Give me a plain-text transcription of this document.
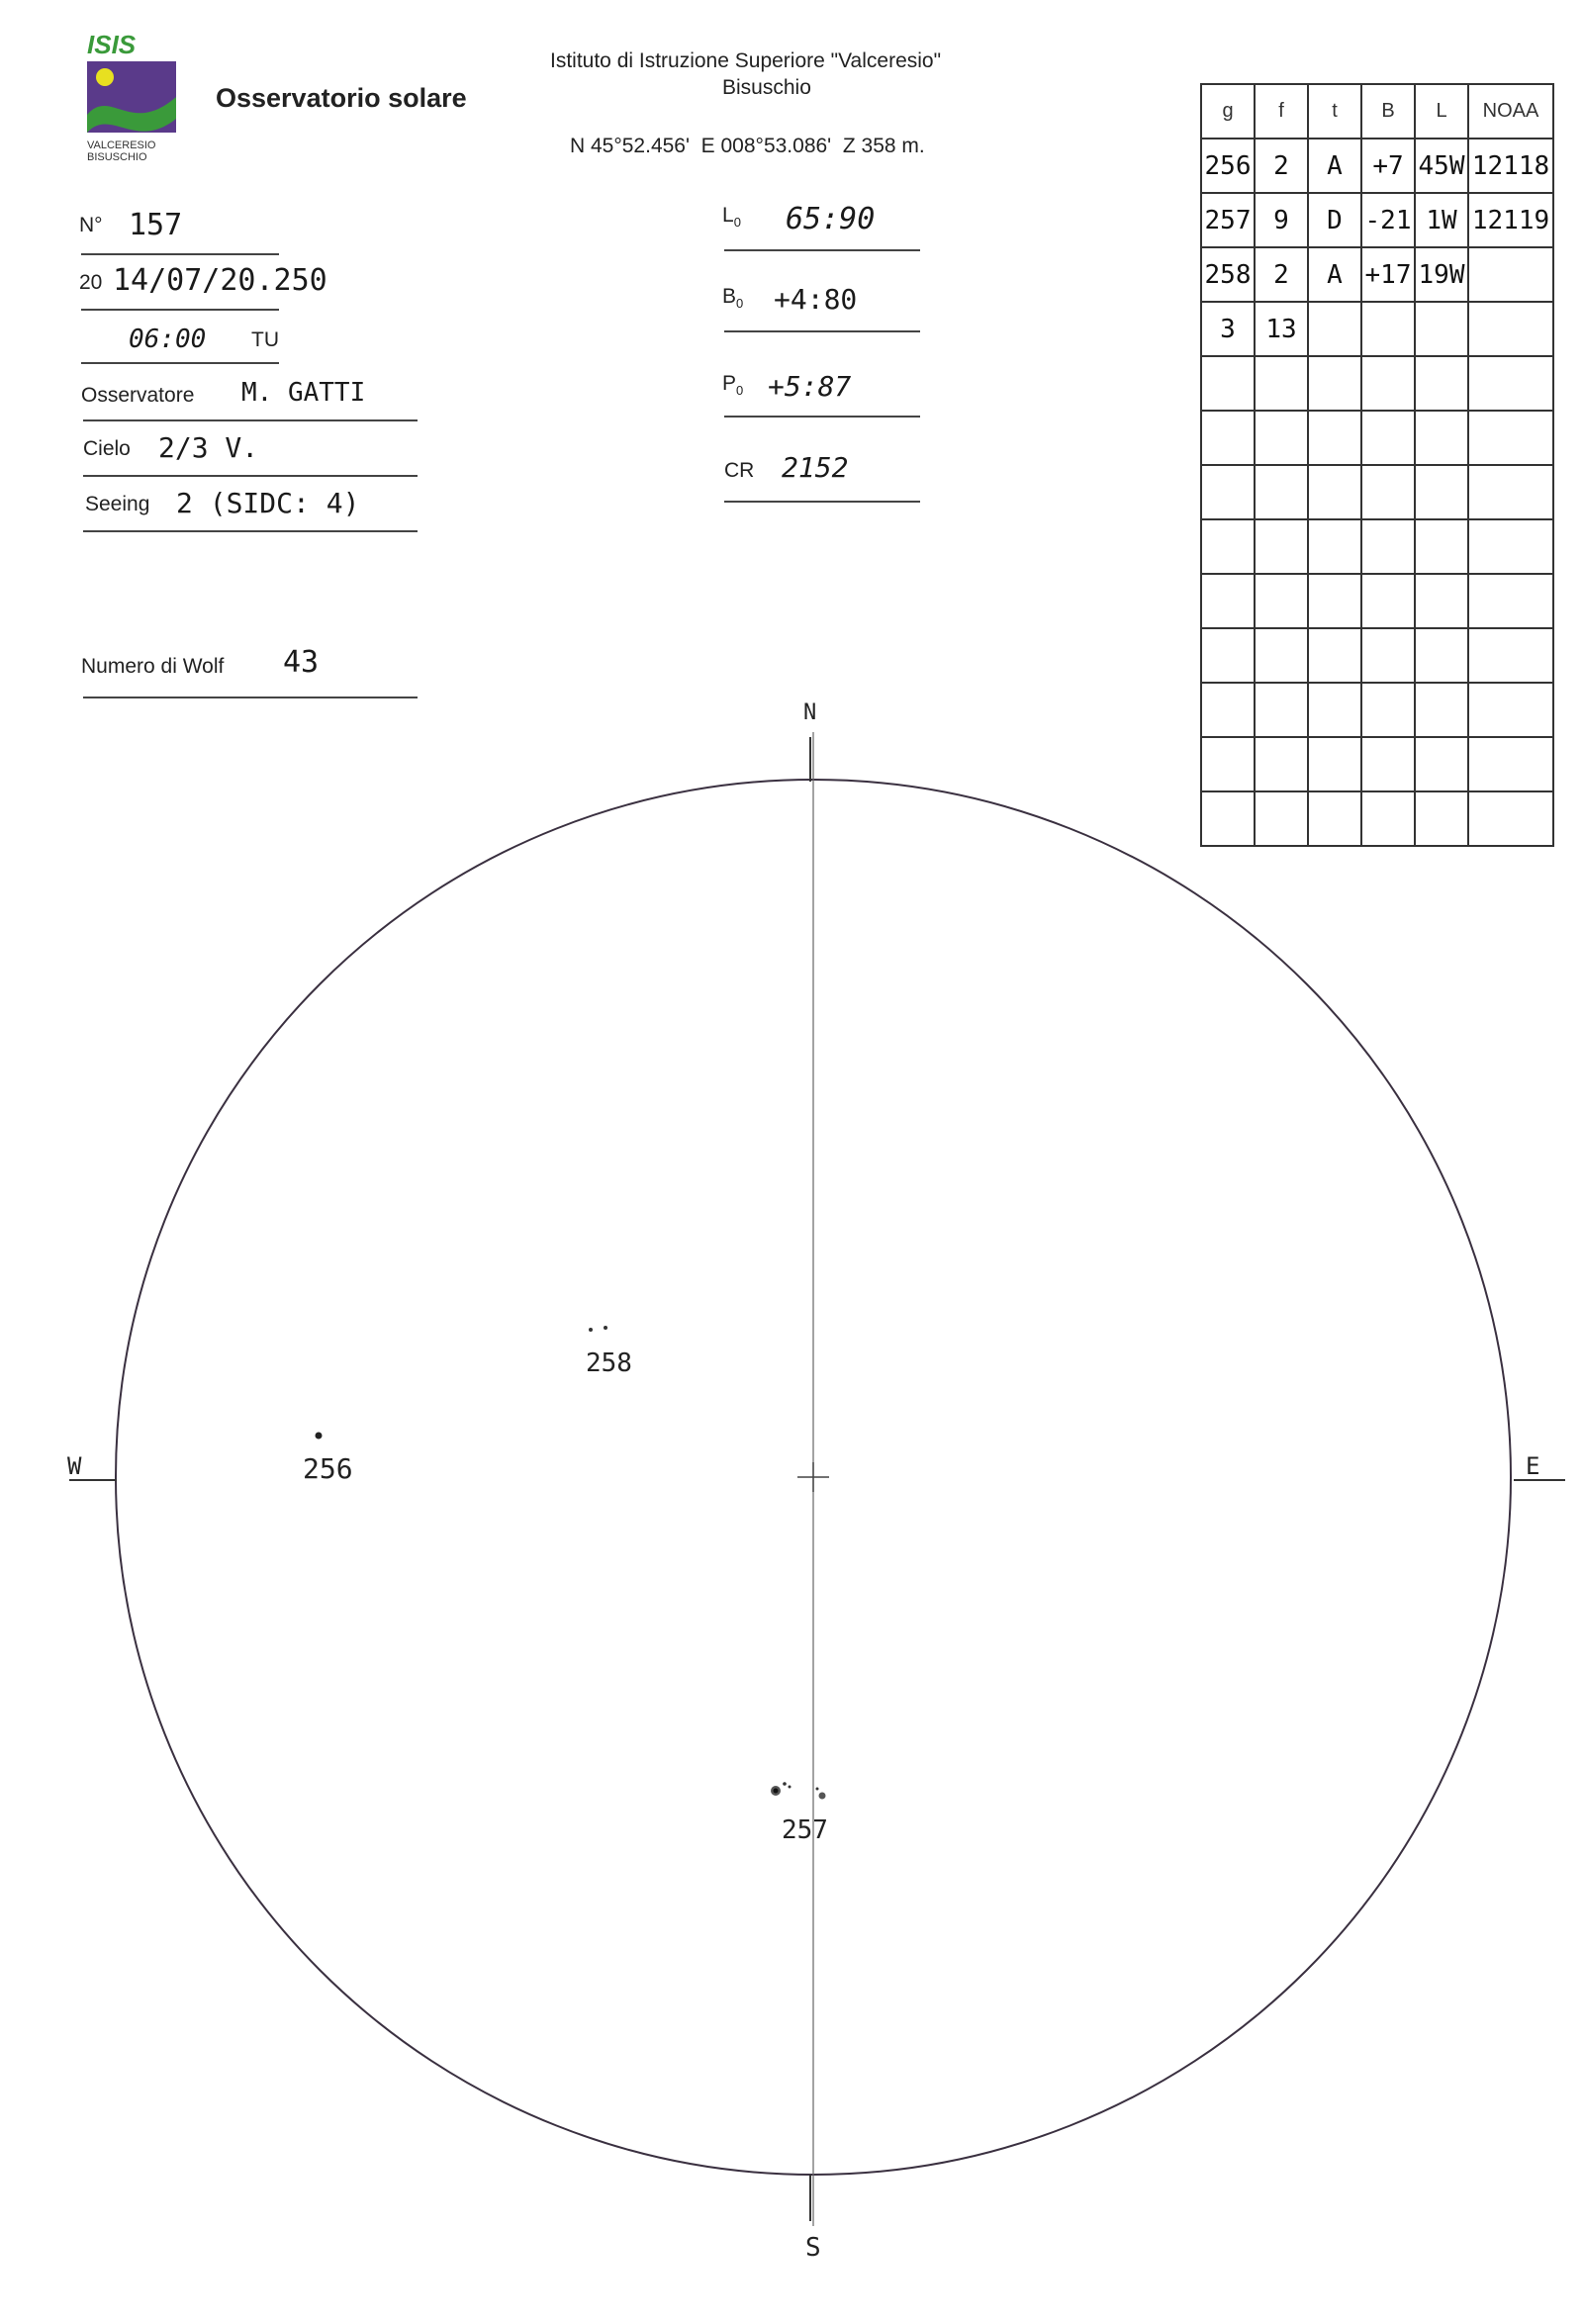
ISIS
VALCERESIO
BISUSCHIO
Osservatorio solare
Istituto di Istruzione Superiore "Valceresio"
Bisuschio
N 45°52.456'  E 008°53.086'  Z 358 m.
N° 157
20 14/07/20.250
06:00 TU
Osservatore M. GATTI
Cielo 2/3 V.
Seeing 2 (SIDC: 4)
Numero di Wolf 43
$L_0$ 65:90
$B_0$ +4:80
$P_0$ +5:87
CR 2152
g	f	t	B	L	NOAA
256	2	A	+7	45W	12118
257	9	D	-21	1W	12119
258	2	A	+17	19W	
3	13				

N
S
W	E
256
258
257
